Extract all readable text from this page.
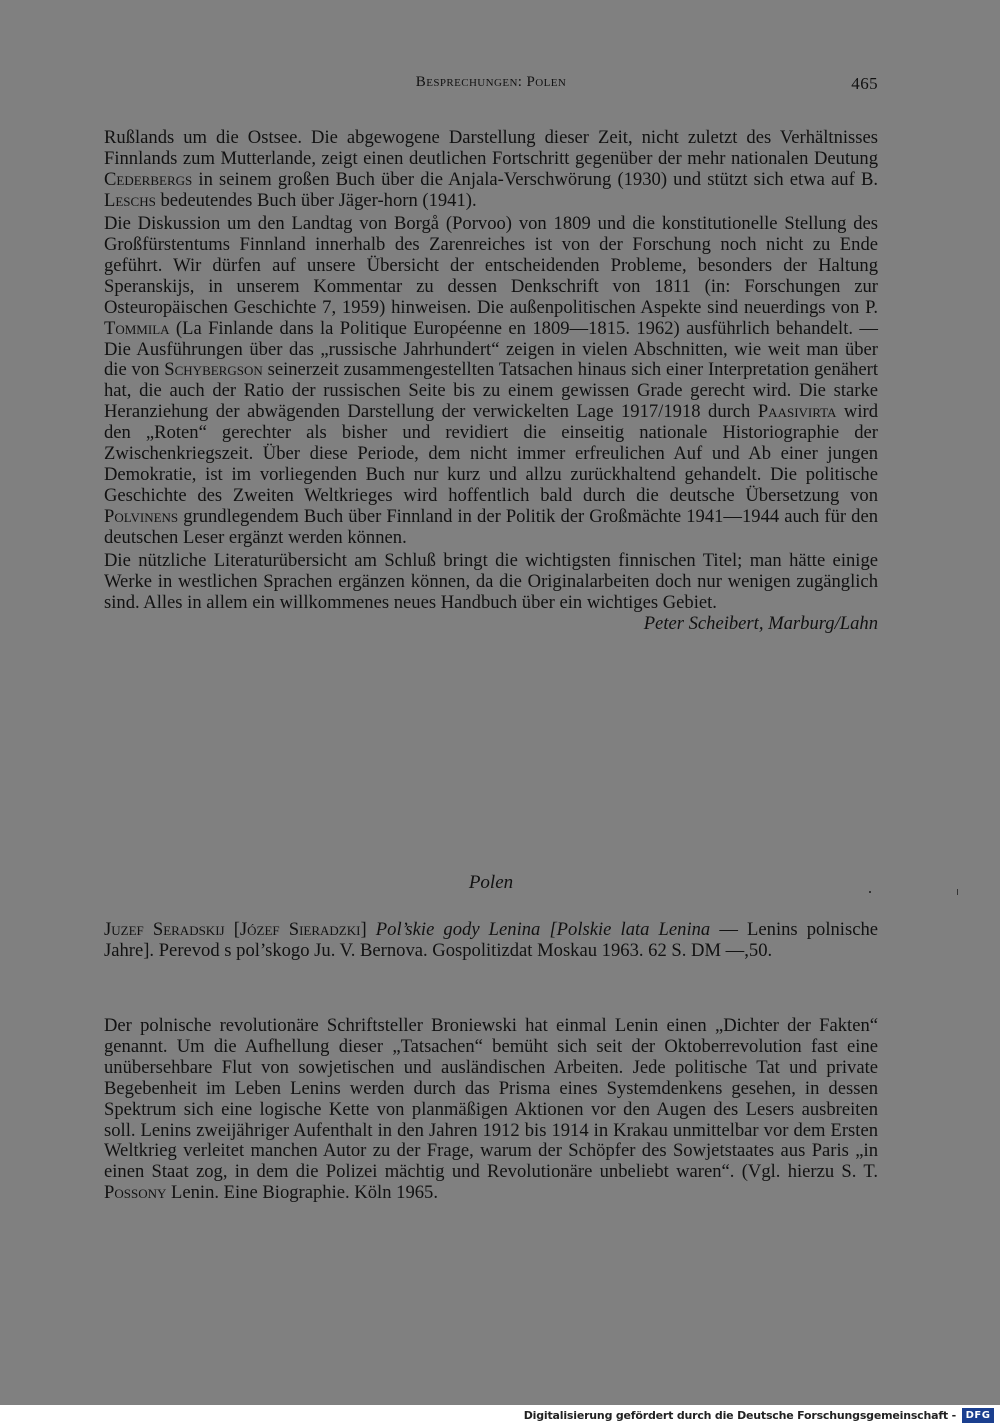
Besprechungen: Polen	465

Rußlands um die Ostsee. Die abgewogene Darstellung dieser Zeit, nicht zuletzt des Verhältnisses Finnlands zum Mutterlande, zeigt einen deutlichen Fortschritt gegenüber der mehr nationalen Deutung Cederbergs in seinem großen Buch über die Anjala-Verschwörung (1930) und stützt sich etwa auf B. Leschs bedeutendes Buch über Jäger-horn (1941).

Die Diskussion um den Landtag von Borgå (Porvoo) von 1809 und die konstitutionelle Stellung des Großfürstentums Finnland innerhalb des Zarenreiches ist von der Forschung noch nicht zu Ende geführt. Wir dürfen auf unsere Übersicht der entscheidenden Probleme, besonders der Haltung Speranskijs, in unserem Kommentar zu dessen Denkschrift von 1811 (in: Forschungen zur Osteuropäischen Geschichte 7, 1959) hinweisen. Die außenpolitischen Aspekte sind neuerdings von P. Tommila (La Finlande dans la Politique Européenne en 1809—1815. 1962) ausführlich behandelt. — Die Ausführungen über das „russische Jahrhundert“ zeigen in vielen Abschnitten, wie weit man über die von Schybergson seinerzeit zusammengestellten Tatsachen hinaus sich einer Interpretation genähert hat, die auch der Ratio der russischen Seite bis zu einem gewissen Grade gerecht wird. Die starke Heranziehung der abwägenden Darstellung der verwickelten Lage 1917/1918 durch Paasivirta wird den „Roten“ gerechter als bisher und revidiert die einseitig nationale Historiographie der Zwischenkriegszeit. Über diese Periode, dem nicht immer erfreulichen Auf und Ab einer jungen Demokratie, ist im vorliegenden Buch nur kurz und allzu zurückhaltend gehandelt. Die politische Geschichte des Zweiten Weltkrieges wird hoffentlich bald durch die deutsche Übersetzung von Polvinens grundlegendem Buch über Finnland in der Politik der Großmächte 1941—1944 auch für den deutschen Leser ergänzt werden können.

Die nützliche Literaturübersicht am Schluß bringt die wichtigsten finnischen Titel; man hätte einige Werke in westlichen Sprachen ergänzen können, da die Originalarbeiten doch nur wenigen zugänglich sind. Alles in allem ein willkommenes neues Handbuch über ein wichtiges Gebiet.
Peter Scheibert, Marburg/Lahn

Polen

Juzef Seradskij [Józef Sieradzki] Pol’skie gody Lenina [Polskie lata Lenina — Lenins polnische Jahre]. Perevod s pol’skogo Ju. V. Bernova. Gospolitizdat Moskau 1963. 62 S. DM —,50.

Der polnische revolutionäre Schriftsteller Broniewski hat einmal Lenin einen „Dichter der Fakten“ genannt. Um die Aufhellung dieser „Tatsachen“ bemüht sich seit der Oktoberrevolution fast eine unübersehbare Flut von sowjetischen und ausländischen Arbeiten. Jede politische Tat und private Begebenheit im Leben Lenins werden durch das Prisma eines Systemdenkens gesehen, in dessen Spektrum sich eine logische Kette von planmäßigen Aktionen vor den Augen des Lesers ausbreiten soll. Lenins zweijähriger Aufenthalt in den Jahren 1912 bis 1914 in Krakau unmittelbar vor dem Ersten Weltkrieg verleitet manchen Autor zu der Frage, warum der Schöpfer des Sowjetstaates aus Paris „in einen Staat zog, in dem die Polizei mächtig und Revolutionäre unbeliebt waren“. (Vgl. hierzu S. T. Possony Lenin. Eine Biographie. Köln 1965.

Digitalisierung gefördert durch die Deutsche Forschungsgemeinschaft - DFG
